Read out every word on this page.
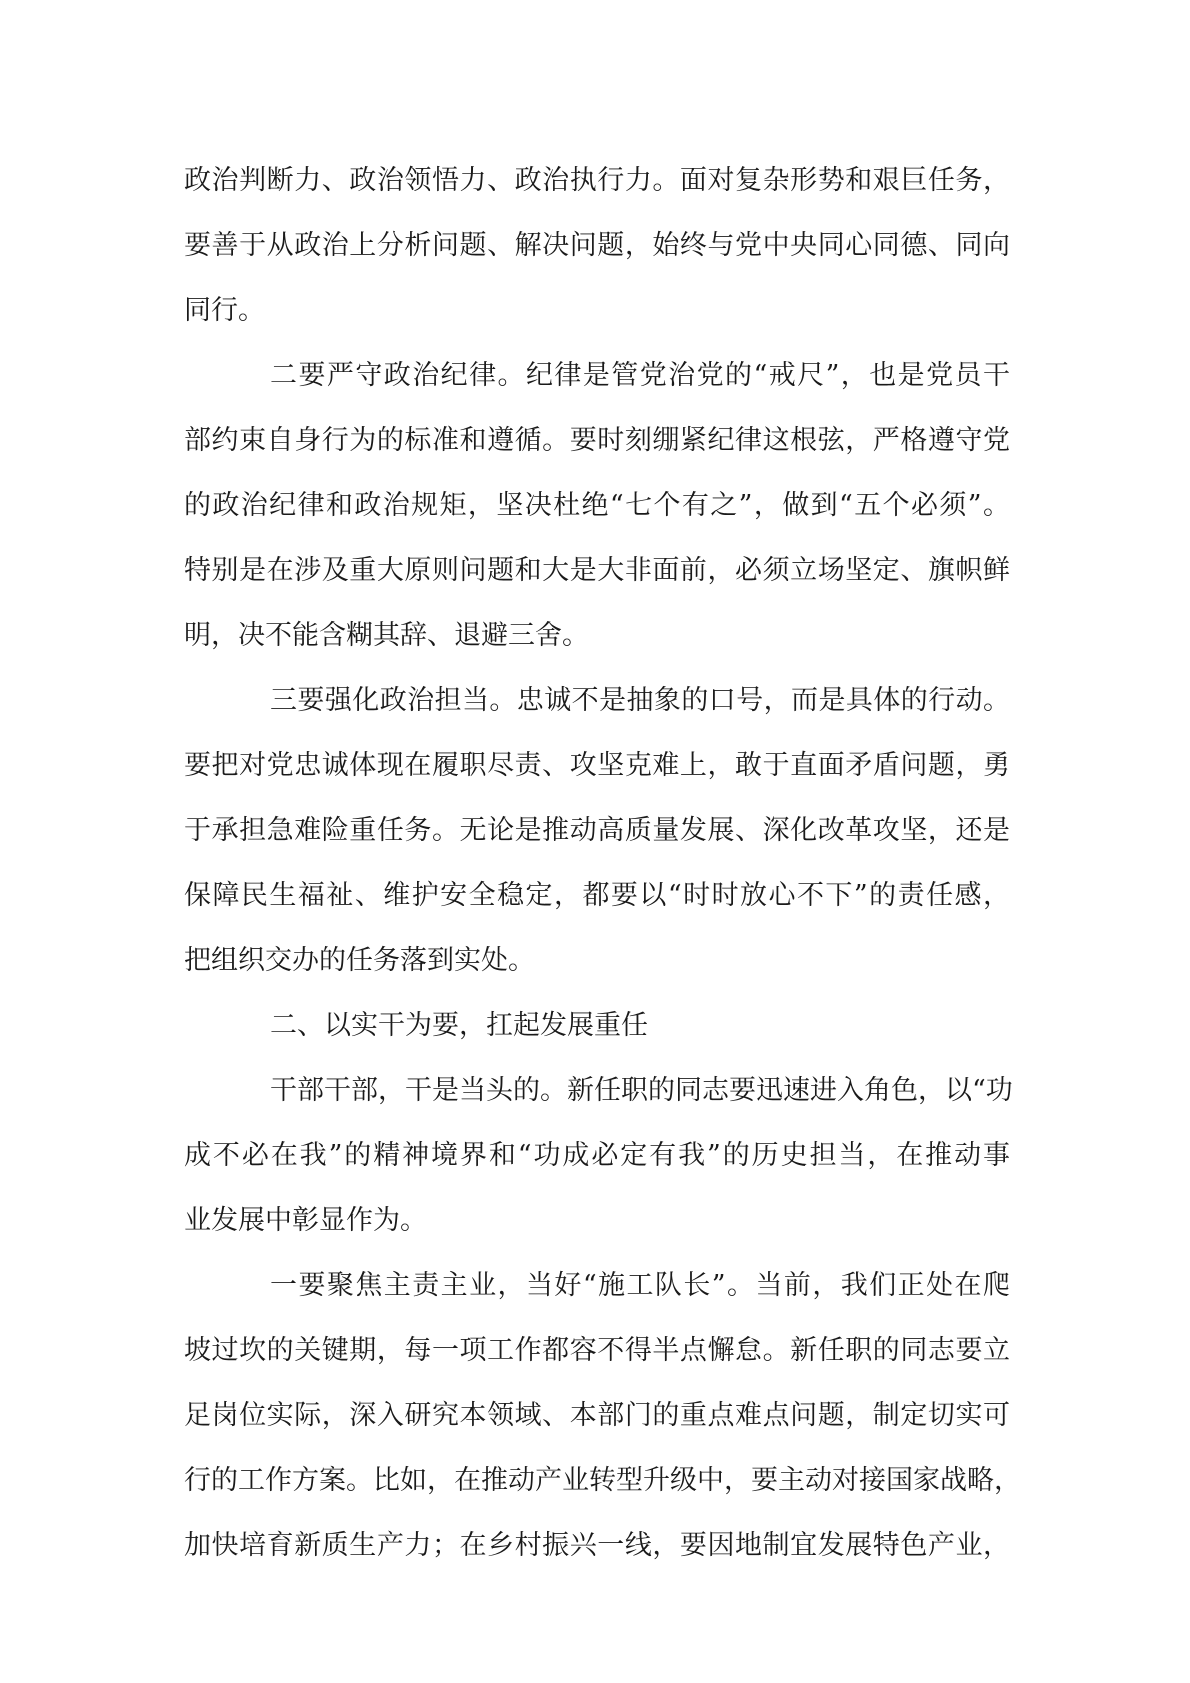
政治判断力、政治领悟力、政治执行力。面对复杂形势和艰巨任务，
要善于从政治上分析问题、解决问题，始终与党中央同心同德、同向
同行。
二要严守政治纪律。纪律是管党治党的“戒尺”，也是党员干
部约束自身行为的标准和遵循。要时刻绷紧纪律这根弦，严格遵守党
的政治纪律和政治规矩，坚决杜绝“七个有之”，做到“五个必须”。
特别是在涉及重大原则问题和大是大非面前，必须立场坚定、旗帜鲜
明，决不能含糊其辞、退避三舍。
三要强化政治担当。忠诚不是抽象的口号，而是具体的行动。
要把对党忠诚体现在履职尽责、攻坚克难上，敢于直面矛盾问题，勇
于承担急难险重任务。无论是推动高质量发展、深化改革攻坚，还是
保障民生福祉、维护安全稳定，都要以“时时放心不下”的责任感，
把组织交办的任务落到实处。
二、以实干为要，扛起发展重任
干部干部，干是当头的。新任职的同志要迅速进入角色，以“功
成不必在我”的精神境界和“功成必定有我”的历史担当，在推动事
业发展中彰显作为。
一要聚焦主责主业，当好“施工队长”。当前，我们正处在爬
坡过坎的关键期，每一项工作都容不得半点懈怠。新任职的同志要立
足岗位实际，深入研究本领域、本部门的重点难点问题，制定切实可
行的工作方案。比如，在推动产业转型升级中，要主动对接国家战略，
加快培育新质生产力；在乡村振兴一线，要因地制宜发展特色产业，
